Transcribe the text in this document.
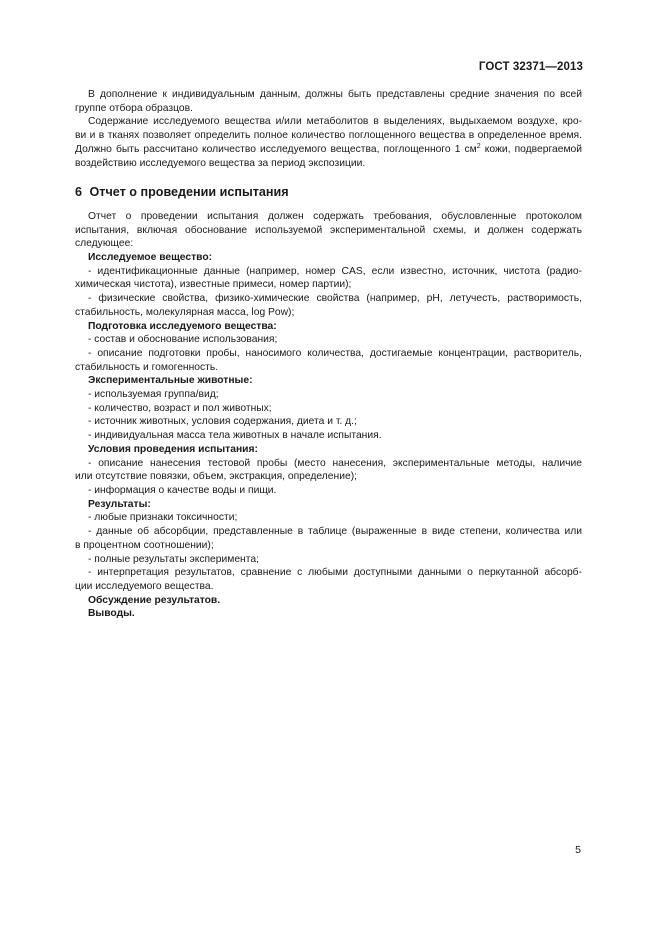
ГОСТ 32371—2013
В дополнение к индивидуальным данным, должны быть представлены средние значения по всей
группе отбора образцов.
Содержание исследуемого вещества и/или метаболитов в выделениях, выдыхаемом воздухе, кро-
ви и в тканях позволяет определить полное количество поглощенного вещества в определенное время.
Должно быть рассчитано количество исследуемого вещества, поглощенного 1 $см^2$ кожи, подвергаемой
воздействию исследуемого вещества за период экспозиции.
6 Отчет о проведении испытания
Отчет о проведении испытания должен содержать требования, обусловленные протоколом
испытания, включая обоснование используемой экспериментальной схемы, и должен содержать
следующее:
Исследуемое вещество:
- идентификационные данные (например, номер CAS, если известно, источник, чистота (радио-
химическая чистота), известные примеси, номер партии);
- физические свойства, физико-химические свойства (например, pH, летучесть, растворимость,
стабильность, молекулярная масса, log Pow);
Подготовка исследуемого вещества:
- состав и обоснование использования;
- описание подготовки пробы, наносимого количества, достигаемые концентрации, растворитель,
стабильность и гомогенность.
Экспериментальные животные:
- используемая группа/вид;
- количество, возраст и пол животных;
- источник животных, условия содержания, диета и т. д.;
- индивидуальная масса тела животных в начале испытания.
Условия проведения испытания:
- описание нанесения тестовой пробы (место нанесения, экспериментальные методы, наличие
или отсутствие повязки, объем, экстракция, определение);
- информация о качестве воды и пищи.
Результаты:
- любые признаки токсичности;
- данные об абсорбции, представленные в таблице (выраженные в виде степени, количества или
в процентном соотношении);
- полные результаты эксперимента;
- интерпретация результатов, сравнение с любыми доступными данными о перкутанной абсорб-
ции исследуемого вещества.
Обсуждение результатов.
Выводы.
5
